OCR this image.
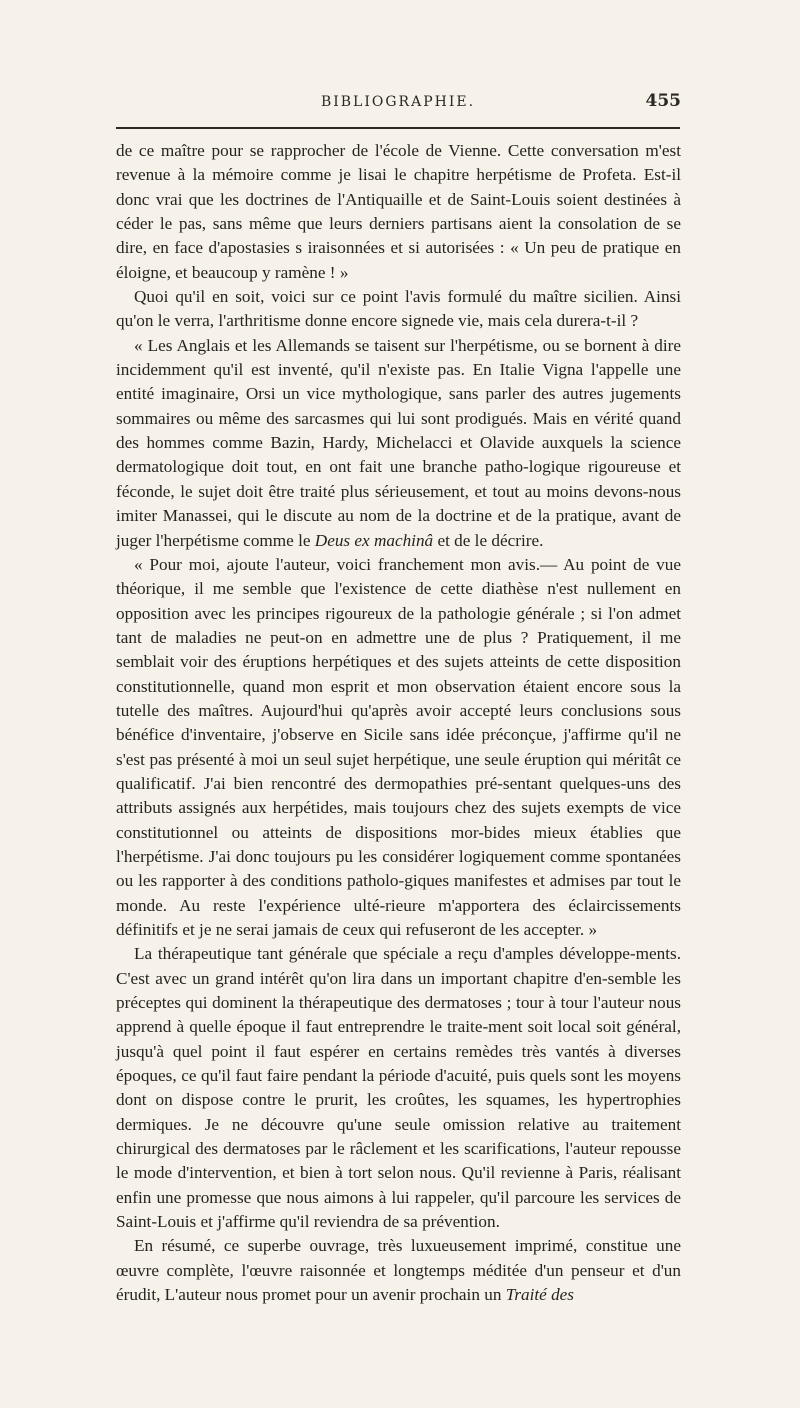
BIBLIOGRAPHIE.	455

de ce maître pour se rapprocher de l'école de Vienne. Cette conversation m'est revenue à la mémoire comme je lisai le chapitre herpétisme de Profeta. Est-il donc vrai que les doctrines de l'Antiquaille et de Saint-Louis soient destinées à céder le pas, sans même que leurs derniers partisans aient la consolation de se dire, en face d'apostasies s iraisonnées et si autorisées : « Un peu de pratique en éloigne, et beaucoup y ramène ! »

Quoi qu'il en soit, voici sur ce point l'avis formulé du maître sicilien. Ainsi qu'on le verra, l'arthritisme donne encore signede vie, mais cela durera-t-il ?

« Les Anglais et les Allemands se taisent sur l'herpétisme, ou se bornent à dire incidemment qu'il est inventé, qu'il n'existe pas. En Italie Vigna l'appelle une entité imaginaire, Orsi un vice mythologique, sans parler des autres jugements sommaires ou même des sarcasmes qui lui sont prodigués. Mais en vérité quand des hommes comme Bazin, Hardy, Michelacci et Olavide auxquels la science dermatologique doit tout, en ont fait une branche patho-logique rigoureuse et féconde, le sujet doit être traité plus sérieusement, et tout au moins devons-nous imiter Manassei, qui le discute au nom de la doctrine et de la pratique, avant de juger l'herpétisme comme le Deus ex machinâ et de le décrire.

« Pour moi, ajoute l'auteur, voici franchement mon avis.— Au point de vue théorique, il me semble que l'existence de cette diathèse n'est nullement en opposition avec les principes rigoureux de la pathologie générale ; si l'on admet tant de maladies ne peut-on en admettre une de plus ? Pratiquement, il me semblait voir des éruptions herpétiques et des sujets atteints de cette disposition constitutionnelle, quand mon esprit et mon observation étaient encore sous la tutelle des maîtres. Aujourd'hui qu'après avoir accepté leurs conclusions sous bénéfice d'inventaire, j'observe en Sicile sans idée préconçue, j'affirme qu'il ne s'est pas présenté à moi un seul sujet herpétique, une seule éruption qui méritât ce qualificatif. J'ai bien rencontré des dermopathies pré-sentant quelques-uns des attributs assignés aux herpétides, mais toujours chez des sujets exempts de vice constitutionnel ou atteints de dispositions mor-bides mieux établies que l'herpétisme. J'ai donc toujours pu les considérer logiquement comme spontanées ou les rapporter à des conditions patholo-giques manifestes et admises par tout le monde. Au reste l'expérience ulté-rieure m'apportera des éclaircissements définitifs et je ne serai jamais de ceux qui refuseront de les accepter. »

La thérapeutique tant générale que spéciale a reçu d'amples développe-ments. C'est avec un grand intérêt qu'on lira dans un important chapitre d'en-semble les préceptes qui dominent la thérapeutique des dermatoses ; tour à tour l'auteur nous apprend à quelle époque il faut entreprendre le traite-ment soit local soit général, jusqu'à quel point il faut espérer en certains remèdes très vantés à diverses époques, ce qu'il faut faire pendant la période d'acuité, puis quels sont les moyens dont on dispose contre le prurit, les croûtes, les squames, les hypertrophies dermiques. Je ne découvre qu'une seule omission relative au traitement chirurgical des dermatoses par le râclement et les scarifications, l'auteur repousse le mode d'intervention, et bien à tort selon nous. Qu'il revienne à Paris, réalisant enfin une promesse que nous aimons à lui rappeler, qu'il parcoure les services de Saint-Louis et j'affirme qu'il reviendra de sa prévention.

En résumé, ce superbe ouvrage, très luxueusement imprimé, constitue une œuvre complète, l'œuvre raisonnée et longtemps méditée d'un penseur et d'un érudit, L'auteur nous promet pour un avenir prochain un Traité des
